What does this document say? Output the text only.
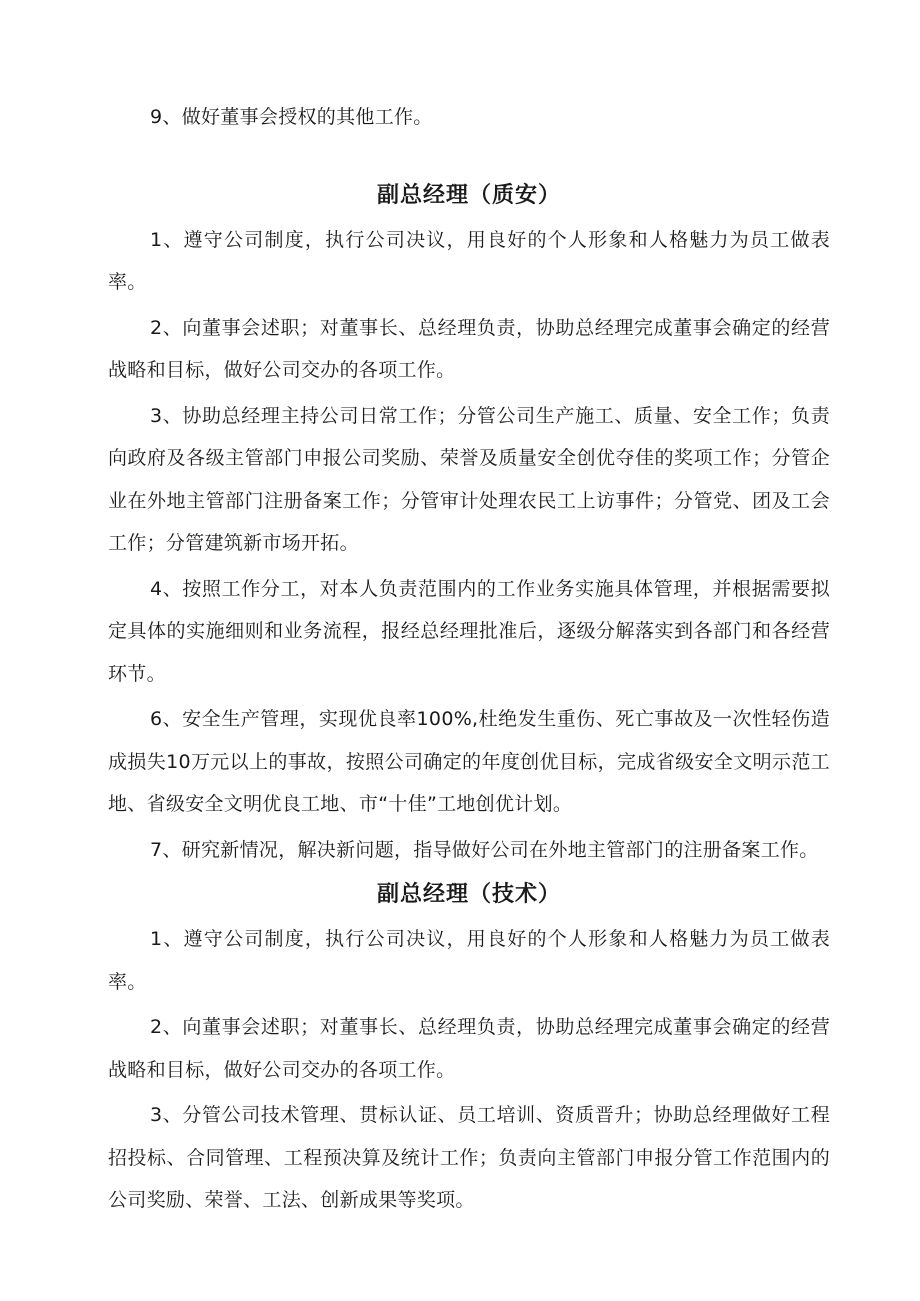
9、做好董事会授权的其他工作。

副总经理（质安）

1、遵守公司制度，执行公司决议，用良好的个人形象和人格魅力为员工做表率。

2、向董事会述职；对董事长、总经理负责，协助总经理完成董事会确定的经营战略和目标，做好公司交办的各项工作。

3、协助总经理主持公司日常工作；分管公司生产施工、质量、安全工作；负责向政府及各级主管部门申报公司奖励、荣誉及质量安全创优夺佳的奖项工作；分管企业在外地主管部门注册备案工作；分管审计处理农民工上访事件；分管党、团及工会工作；分管建筑新市场开拓。

4、按照工作分工，对本人负责范围内的工作业务实施具体管理，并根据需要拟定具体的实施细则和业务流程，报经总经理批准后，逐级分解落实到各部门和各经营环节。

6、安全生产管理，实现优良率100%,杜绝发生重伤、死亡事故及一次性轻伤造成损失10万元以上的事故，按照公司确定的年度创优目标，完成省级安全文明示范工地、省级安全文明优良工地、市“十佳”工地创优计划。

7、研究新情况，解决新问题，指导做好公司在外地主管部门的注册备案工作。

副总经理（技术）

1、遵守公司制度，执行公司决议，用良好的个人形象和人格魅力为员工做表率。

2、向董事会述职；对董事长、总经理负责，协助总经理完成董事会确定的经营战略和目标，做好公司交办的各项工作。

3、分管公司技术管理、贯标认证、员工培训、资质晋升；协助总经理做好工程招投标、合同管理、工程预决算及统计工作；负责向主管部门申报分管工作范围内的公司奖励、荣誉、工法、创新成果等奖项。
